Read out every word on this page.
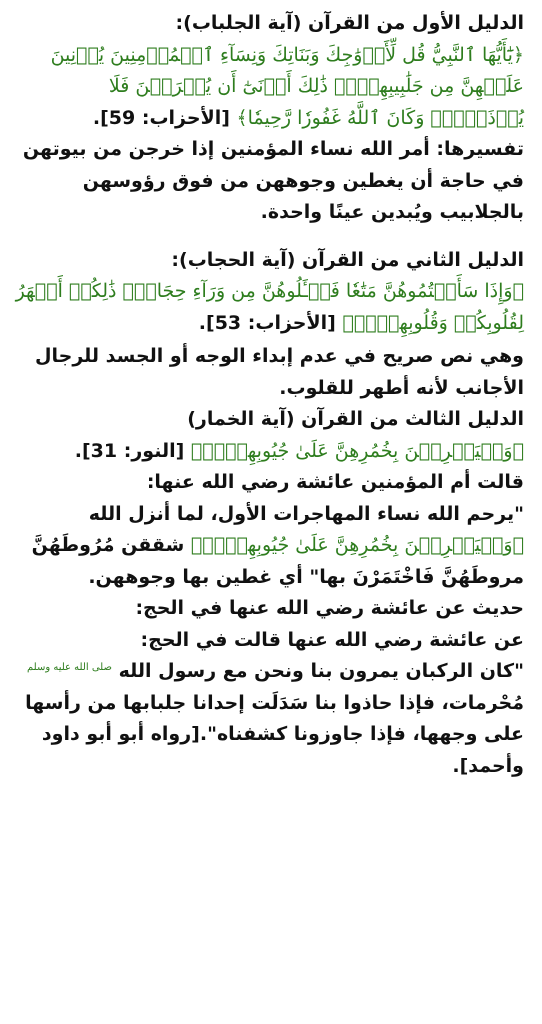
الدليل الأول من القرآن (آية الجلباب):
﴿يَٰٓأَيُّهَا ٱلنَّبِيُّ قُل لِّأَزۡوَٰجِكَ وَبَنَاتِكَ وَنِسَآءِ ٱلۡمُؤۡمِنِينَ يُدۡنِينَ عَلَيۡهِنَّ مِن جَلَٰبِيبِهِنَّۚ ذَٰلِكَ أَدۡنَىٰٓ أَن يُعۡرَفۡنَ فَلَا يُؤۡذَيۡنَۗ وَكَانَ ٱللَّهُ غَفُورٗا رَّحِيمٗا﴾ [الأحزاب: 59].
تفسيرها: أمر الله نساء المؤمنين إذا خرجن من بيوتهن في حاجة أن يغطين وجوههن من فوق رؤوسهن بالجلابيب ويُبدين عينًا واحدة.
الدليل الثاني من القرآن (آية الحجاب):
﴿وَإِذَا سَأَلۡتُمُوهُنَّ مَتَٰعٗا فَسۡـَٔلُوهُنَّ مِن وَرَآءِ حِجَابٖۚ ذَٰلِكُمۡ أَطۡهَرُ لِقُلُوبِكُمۡ وَقُلُوبِهِنَّۚ﴾ [الأحزاب: 53].
وهي نص صريح في عدم إبداء الوجه أو الجسد للرجال الأجانب لأنه أطهر للقلوب.
الدليل الثالث من القرآن (آية الخمار)
﴿وَلۡيَضۡرِبۡنَ بِخُمُرِهِنَّ عَلَىٰ جُيُوبِهِنَّۖ﴾ [النور: 31].
قالت أم المؤمنين عائشة رضي الله عنها:
"يرحم الله نساء المهاجرات الأول، لما أنزل الله ﴿وَلۡيَضۡرِبۡنَ بِخُمُرِهِنَّ عَلَىٰ جُيُوبِهِنَّۖ﴾ شققن مُرُوطَهُنَّ مروطَهُنَّ فَاخْتَمَرْنَ بها" أي غطين بها وجوههن.
حديث عن عائشة رضي الله عنها في الحج:
عن عائشة رضي الله عنها قالت في الحج:
"كان الركبان يمرون بنا ونحن مع رسول الله صلى الله عليه وسلم مُحْرمات، فإذا حاذوا بنا سَدَلَت إحدانا جلبابها من رأسها على وجهها، فإذا جاوزونا كشفناه".[رواه أبو أبو داود وأحمد].
